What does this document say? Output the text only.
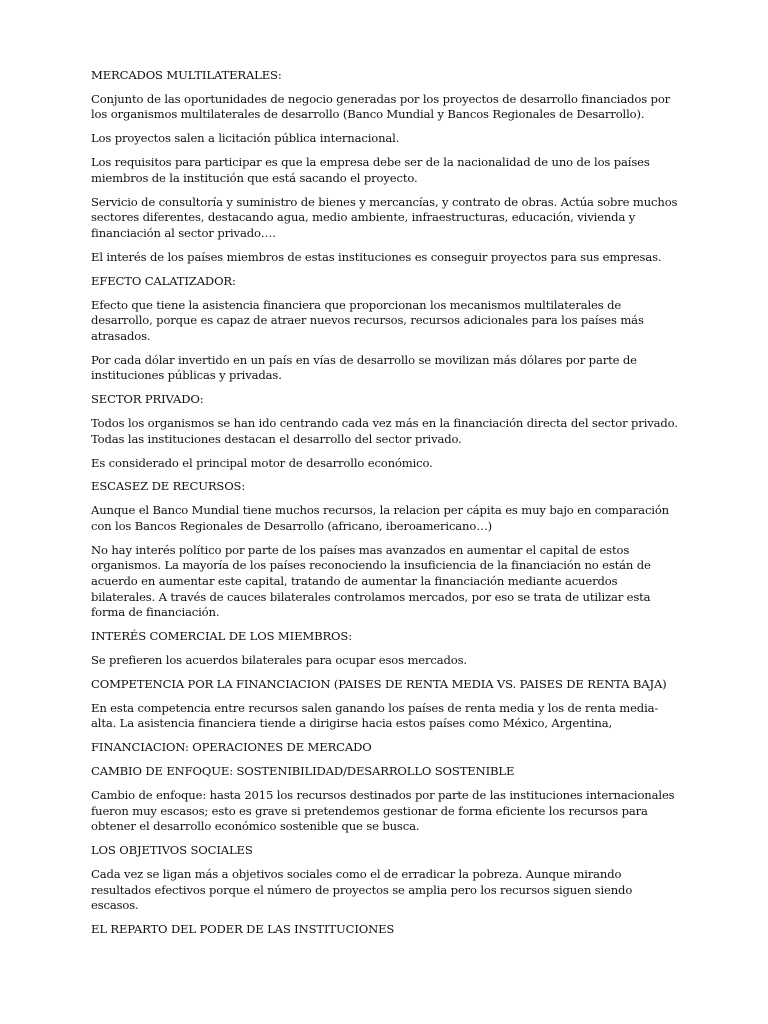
MERCADOS MULTILATERALES:

Conjunto de las oportunidades de negocio generadas por los proyectos de desarrollo financiados por los organismos multilaterales de desarrollo (Banco Mundial y Bancos Regionales de Desarrollo).

Los proyectos salen a licitación pública internacional.

Los requisitos para participar es que la empresa debe ser de la nacionalidad de uno de los países miembros de la institución que está sacando el proyecto.

Servicio de consultoría y suministro de bienes y mercancías, y contrato de obras. Actúa sobre muchos sectores diferentes, destacando agua, medio ambiente, infraestructuras, educación, vivienda y financiación al sector privado….

El interés de los países miembros de estas instituciones es conseguir proyectos para sus empresas.

EFECTO CALATIZADOR:

Efecto que tiene la asistencia financiera que proporcionan los mecanismos multilaterales de desarrollo, porque es capaz de atraer nuevos recursos, recursos adicionales para los países más atrasados.

Por cada dólar invertido en un país en vías de desarrollo se movilizan más dólares por parte de instituciones públicas y privadas.

SECTOR PRIVADO:

Todos los organismos se han ido centrando cada vez más en la financiación directa del sector privado. Todas las instituciones destacan el desarrollo del sector privado.

Es considerado el principal motor de desarrollo económico.

ESCASEZ DE RECURSOS:

Aunque el Banco Mundial tiene muchos recursos, la relacion per cápita es muy bajo en comparación con los Bancos Regionales de Desarrollo (africano, iberoamericano…)

No hay interés político por parte de los países mas avanzados en aumentar el capital de estos organismos. La mayoría de los países reconociendo la insuficiencia de la financiación no están de acuerdo en aumentar este capital, tratando de aumentar la financiación mediante acuerdos bilaterales. A través de cauces bilaterales controlamos mercados, por eso se trata de utilizar esta forma de financiación.

INTERÉS COMERCIAL DE LOS MIEMBROS:

Se prefieren los acuerdos bilaterales para ocupar esos mercados.

COMPETENCIA POR LA FINANCIACION (PAISES DE RENTA MEDIA VS. PAISES DE RENTA BAJA)

En esta competencia entre recursos salen ganando los países de renta media y los de renta media-alta. La asistencia financiera tiende a dirigirse hacia estos países como México, Argentina,

FINANCIACION: OPERACIONES DE MERCADO

CAMBIO DE ENFOQUE: SOSTENIBILIDAD/DESARROLLO SOSTENIBLE

Cambio de enfoque: hasta 2015 los recursos destinados por parte de las instituciones internacionales fueron muy escasos; esto es grave si pretendemos gestionar de forma eficiente los recursos para obtener el desarrollo económico sostenible que se busca.

LOS OBJETIVOS SOCIALES

Cada vez se ligan más a objetivos sociales como el de erradicar la pobreza. Aunque mirando resultados efectivos porque el número de proyectos se amplia pero los recursos siguen siendo escasos.

EL REPARTO DEL PODER DE LAS INSTITUCIONES
